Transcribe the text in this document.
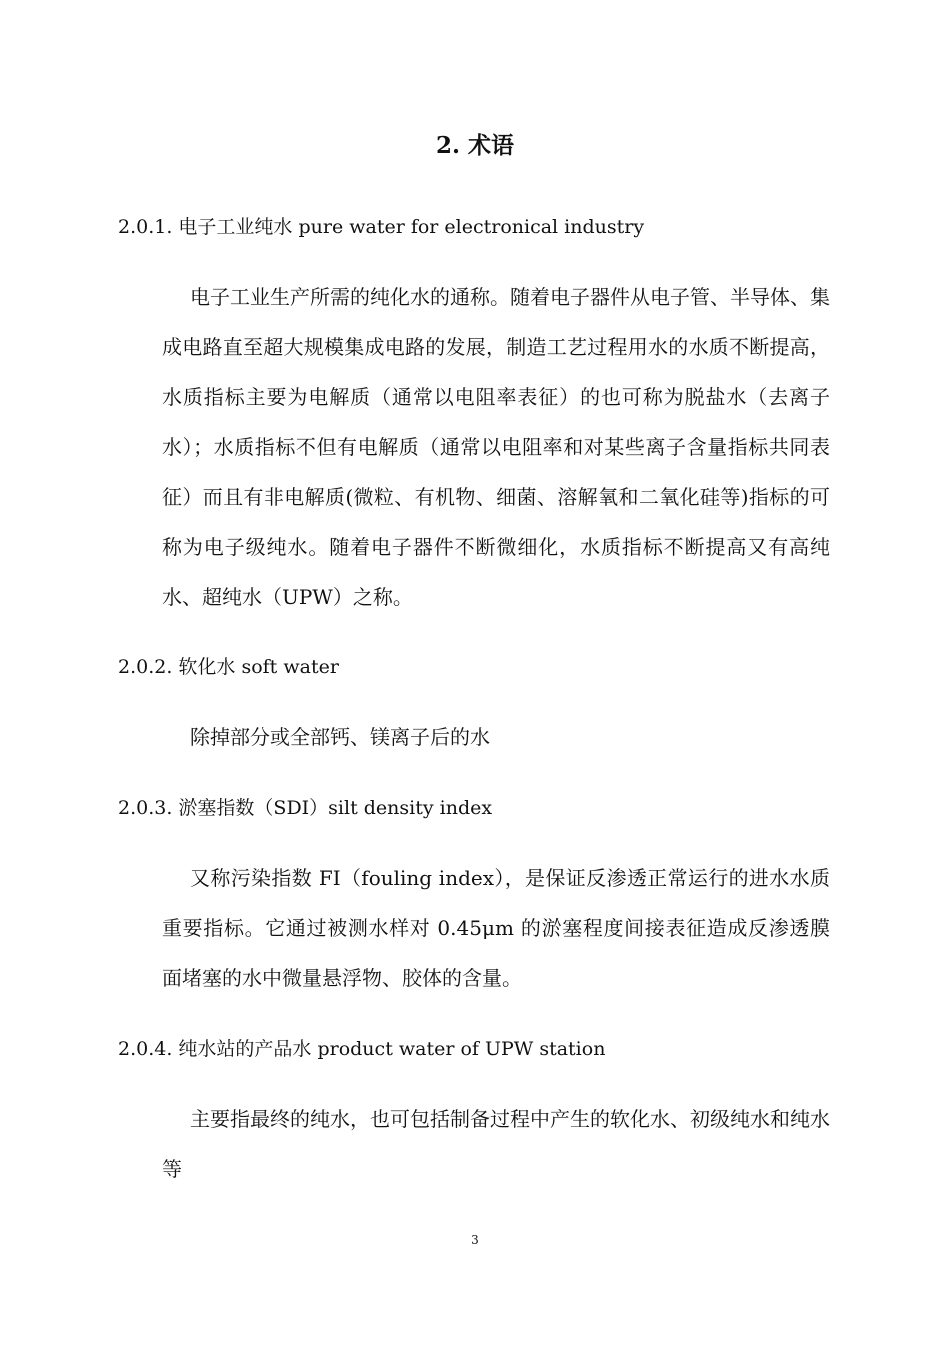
2. 术语
2.0.1. 电子工业纯水 pure water for electronical industry

电子工业生产所需的纯化水的通称。随着电子器件从电子管、半导体、集成电路直至超大规模集成电路的发展，制造工艺过程用水的水质不断提高，水质指标主要为电解质（通常以电阻率表征）的也可称为脱盐水（去离子水）；水质指标不但有电解质（通常以电阻率和对某些离子含量指标共同表征）而且有非电解质(微粒、有机物、细菌、溶解氧和二氧化硅等)指标的可称为电子级纯水。随着电子器件不断微细化，水质指标不断提高又有高纯水、超纯水（UPW）之称。

2.0.2. 软化水 soft water

除掉部分或全部钙、镁离子后的水

2.0.3. 淤塞指数（SDI）silt density index

又称污染指数 FI（fouling index），是保证反渗透正常运行的进水水质重要指标。它通过被测水样对 0.45μm 的淤塞程度间接表征造成反渗透膜面堵塞的水中微量悬浮物、胶体的含量。

2.0.4. 纯水站的产品水 product water of UPW station

主要指最终的纯水，也可包括制备过程中产生的软化水、初级纯水和纯水等

3
